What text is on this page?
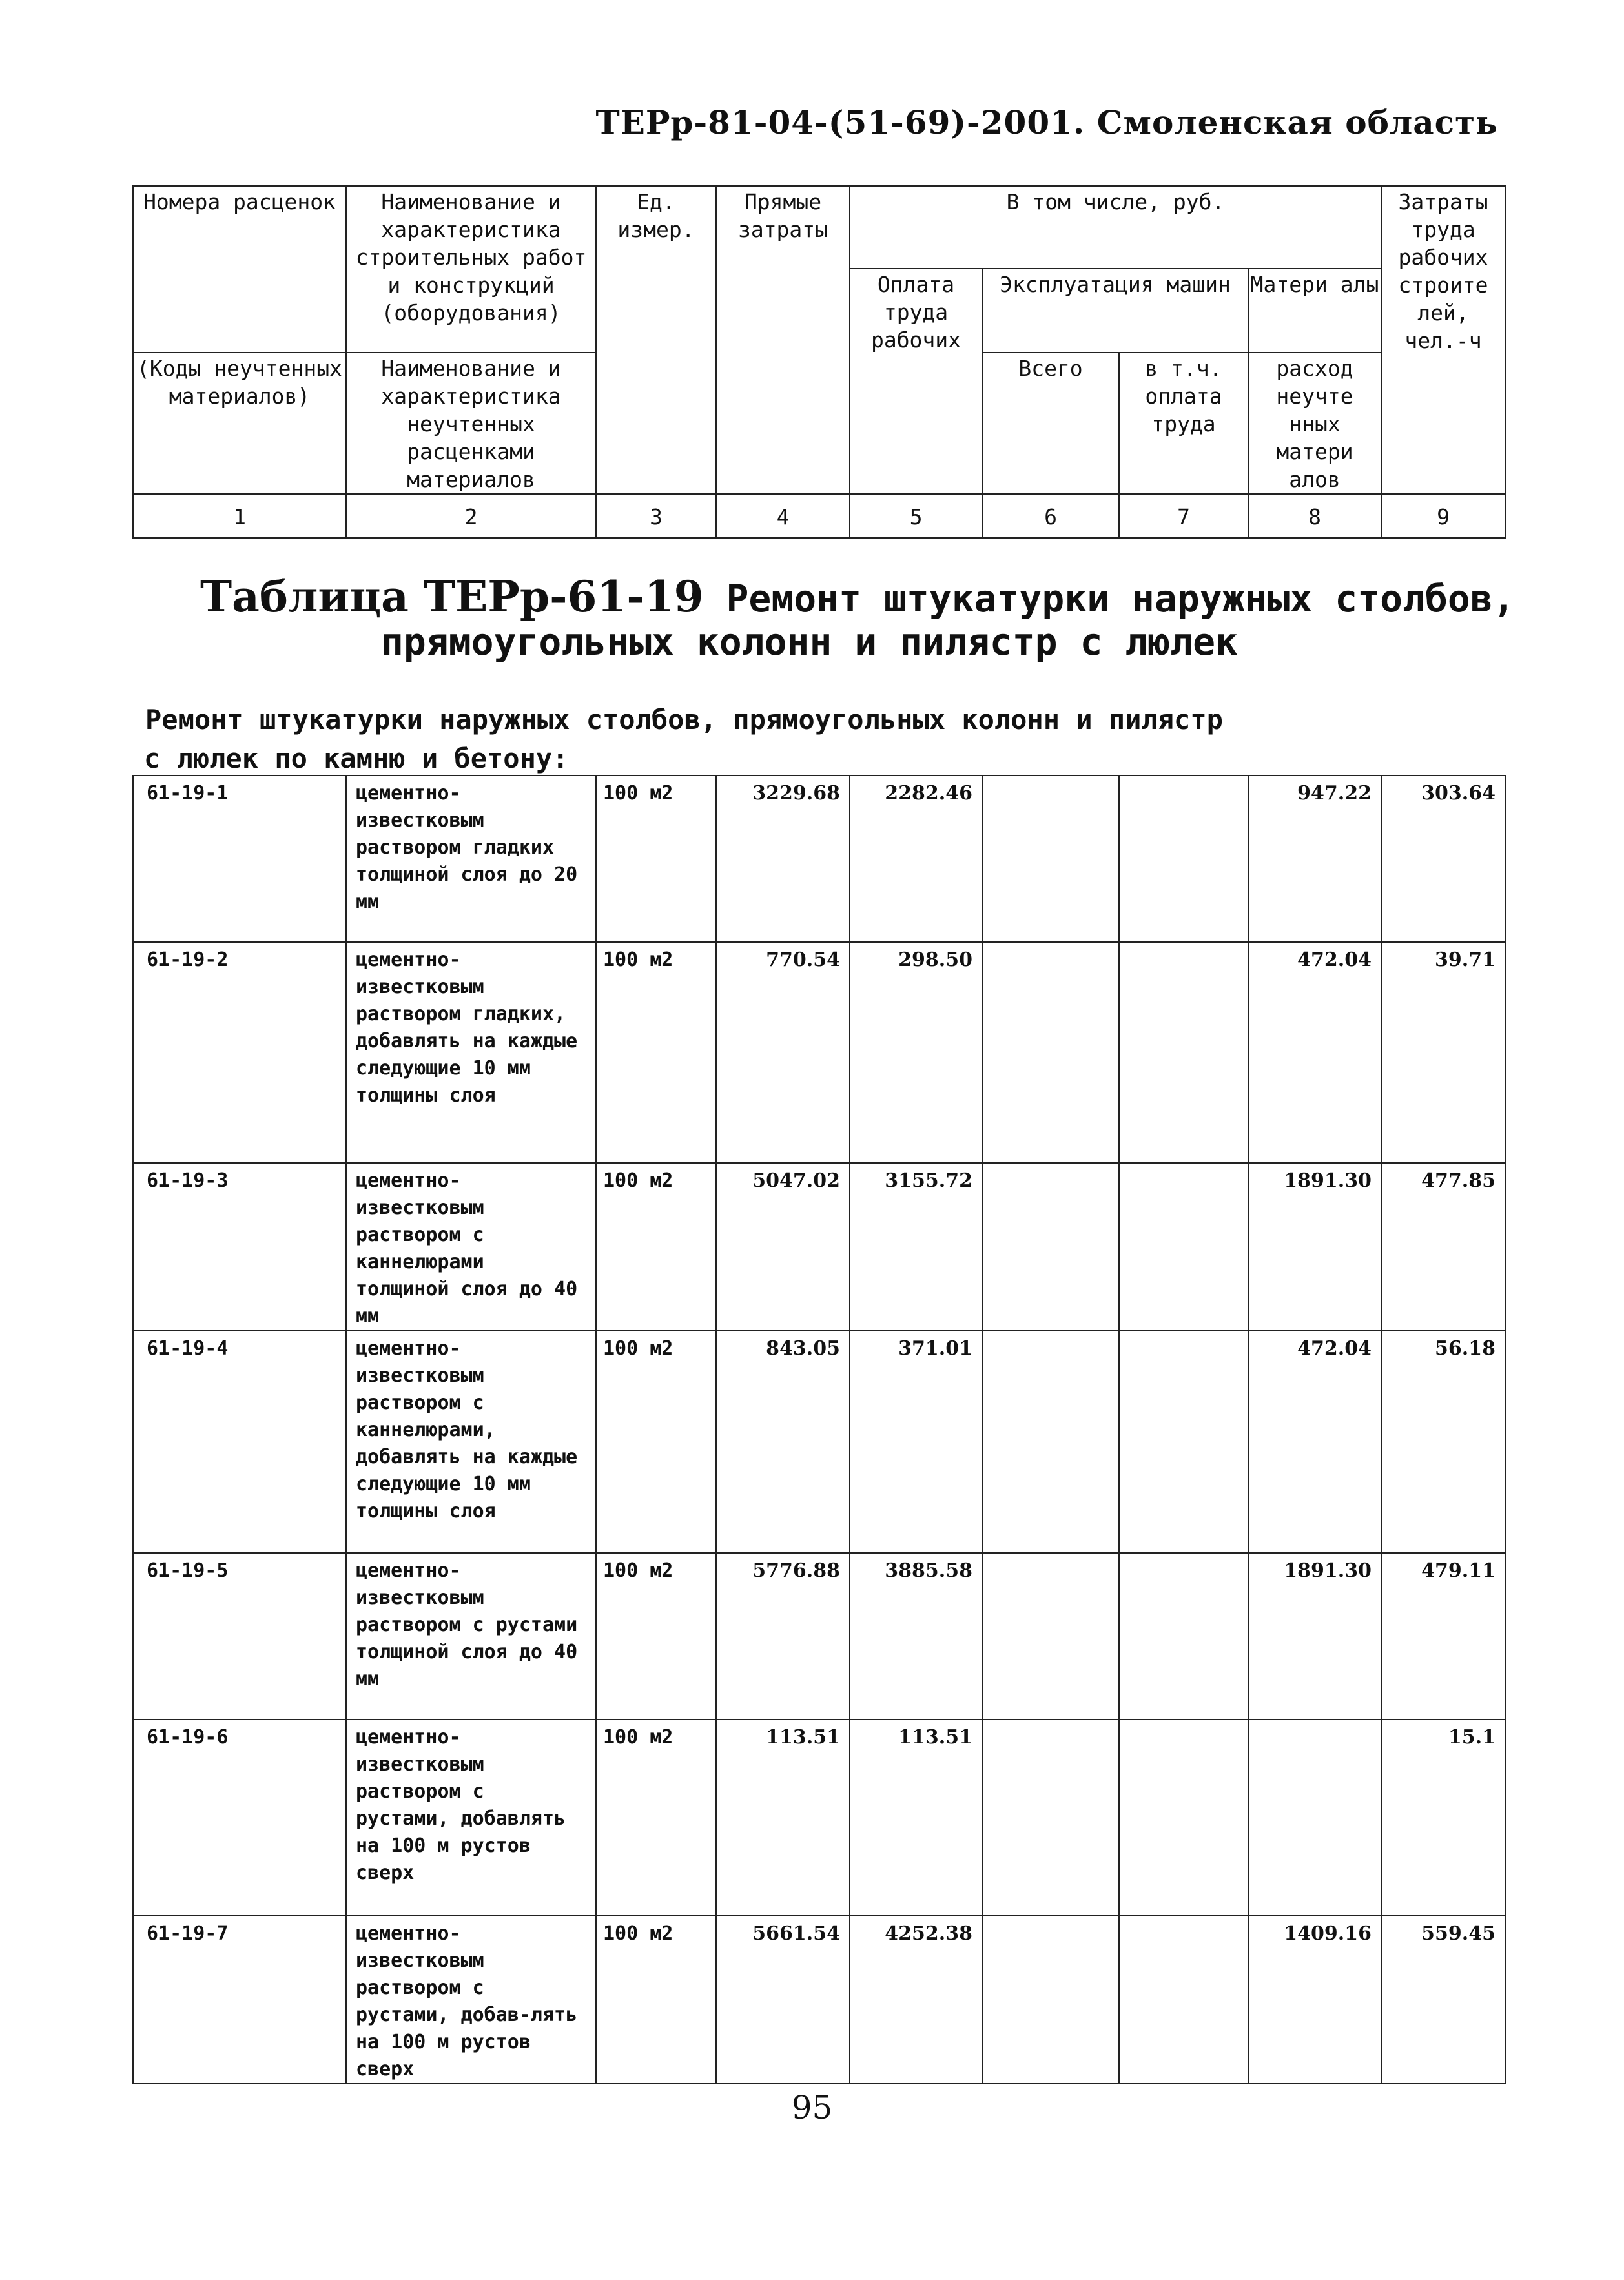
ТЕРр-81-04-(51-69)-2001. Смоленская область
Номера расценок	Наименование и характеристика строительных работ и конструкций (оборудования)	Ед. измер.	Прямые затраты	В том числе, руб.				Затраты труда рабочих строите лей, чел.-ч
				Оплата труда рабочих	Эксплуатация машин		Матери алы	
(Коды неучтенных материалов)	Наименование и характеристика неучтенных расценками материалов				Всего	в т.ч. оплата труда	расход неучте нных матери алов	
1	2	3	4	5	6	7	8	9
Таблица ТЕРр-61-19 Ремонт штукатурки наружных столбов,
прямоугольных колонн и пилястр с люлек
Ремонт штукатурки наружных столбов, прямоугольных колонн и пилястр
с люлек по камню и бетону:
61-19-1	цементно-известковым раствором гладких толщиной слоя до 20 мм	100 м2	3229.68	2282.46			947.22	303.64
61-19-2	цементно-известковым раствором гладких, добавлять на каждые следующие 10 мм толщины слоя	100 м2	770.54	298.50			472.04	39.71
61-19-3	цементно-известковым раствором с каннелюрами толщиной слоя до 40 мм	100 м2	5047.02	3155.72			1891.30	477.85
61-19-4	цементно-известковым раствором с каннелюрами, добавлять на каждые следующие 10 мм толщины слоя	100 м2	843.05	371.01			472.04	56.18
61-19-5	цементно-известковым раствором с рустами толщиной слоя до 40 мм	100 м2	5776.88	3885.58			1891.30	479.11
61-19-6	цементно-известковым раствором с рустами, добавлять на 100 м рустов сверх	100 м2	113.51	113.51				15.1
61-19-7	цементно-известковым раствором с рустами, добав-лять на 100 м рустов сверх	100 м2	5661.54	4252.38			1409.16	559.45
95
